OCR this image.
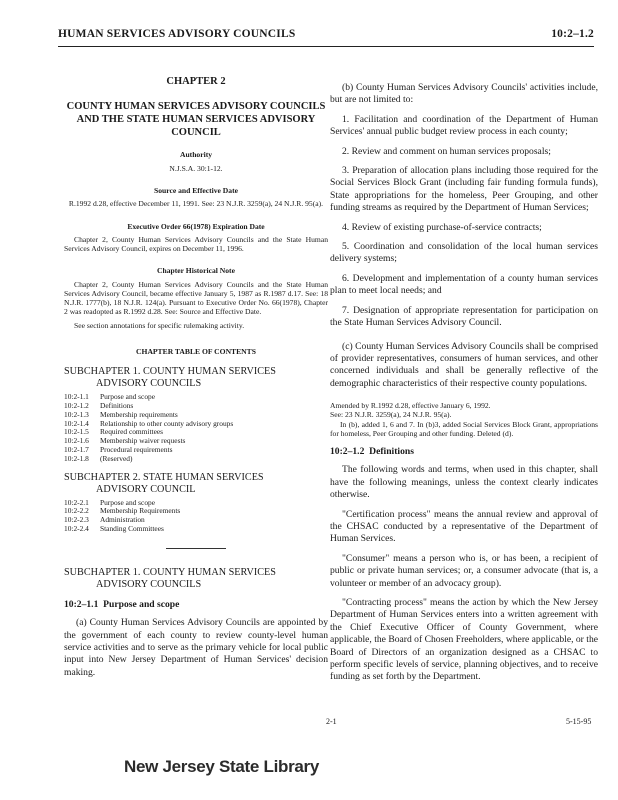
HUMAN SERVICES ADVISORY COUNCILS	10:2–1.2
CHAPTER 2
COUNTY HUMAN SERVICES ADVISORY COUNCILS AND THE STATE HUMAN SERVICES ADVISORY COUNCIL
Authority
N.J.S.A. 30:1-12.
Source and Effective Date
R.1992 d.28, effective December 11, 1991. See: 23 N.J.R. 3259(a), 24 N.J.R. 95(a).
Executive Order 66(1978) Expiration Date
Chapter 2, County Human Services Advisory Councils and the State Human Services Advisory Council, expires on December 11, 1996.
Chapter Historical Note
Chapter 2, County Human Services Advisory Councils and the State Human Services Advisory Council, became effective January 5, 1987 as R.1987 d.17. See: 18 N.J.R. 1777(b), 18 N.J.R. 124(a). Pursuant to Executive Order No. 66(1978), Chapter 2 was readopted as R.1992 d.28. See: Source and Effective Date.
See section annotations for specific rulemaking activity.
CHAPTER TABLE OF CONTENTS
SUBCHAPTER 1. COUNTY HUMAN SERVICES
ADVISORY COUNCILS
10:2-1.1	Purpose and scope
10:2-1.2	Definitions
10:2-1.3	Membership requirements
10:2-1.4	Relationship to other county advisory groups
10:2-1.5	Required committees
10:2-1.6	Membership waiver requests
10:2-1.7	Procedural requirements
10:2-1.8	(Reserved)
SUBCHAPTER 2. STATE HUMAN SERVICES
ADVISORY COUNCIL
10:2-2.1	Purpose and scope
10:2-2.2	Membership Requirements
10:2-2.3	Administration
10:2-2.4	Standing Committees
SUBCHAPTER 1. COUNTY HUMAN SERVICES
ADVISORY COUNCILS
10:2–1.1 Purpose and scope

(a) County Human Services Advisory Councils are appointed by the government of each county to review county-level human service activities and to serve as the primary vehicle for local public input into New Jersey Department of Human Services' decision making.

(b) County Human Services Advisory Councils' activities include, but are not limited to:

1. Facilitation and coordination of the Department of Human Services' annual public budget review process in each county;

2. Review and comment on human services proposals;

3. Preparation of allocation plans including those required for the Social Services Block Grant (including fair funding formula funds), State appropriations for the homeless, Peer Grouping, and other funding streams as required by the Department of Human Services;

4. Review of existing purchase-of-service contracts;

5. Coordination and consolidation of the local human services delivery systems;

6. Development and implementation of a county human services plan to meet local needs; and

7. Designation of appropriate representation for participation on the State Human Services Advisory Council.

(c) County Human Services Advisory Councils shall be comprised of provider representatives, consumers of human services, and other concerned individuals and shall be generally reflective of the demographic characteristics of their respective county populations.

Amended by R.1992 d.28, effective January 6, 1992.
See: 23 N.J.R. 3259(a), 24 N.J.R. 95(a).
In (b), added 1, 6 and 7. In (b)3, added Social Services Block Grant, appropriations for homeless, Peer Grouping and other funding. Deleted (d).
10:2–1.2 Definitions

The following words and terms, when used in this chapter, shall have the following meanings, unless the context clearly indicates otherwise.

"Certification process" means the annual review and approval of the CHSAC conducted by a representative of the Department of Human Services.

"Consumer" means a person who is, or has been, a recipient of public or private human services; or, a consumer advocate (that is, a volunteer or member of an advocacy group).

"Contracting process" means the action by which the New Jersey Department of Human Services enters into a written agreement with the Chief Executive Officer of County Government, where applicable, the Board of Chosen Freeholders, where applicable, or the Board of Directors of an organization designed as a CHSAC to perform specific levels of service, planning objectives, and to receive funding as set forth by the Department.

2-1	5-15-95
New Jersey State Library
